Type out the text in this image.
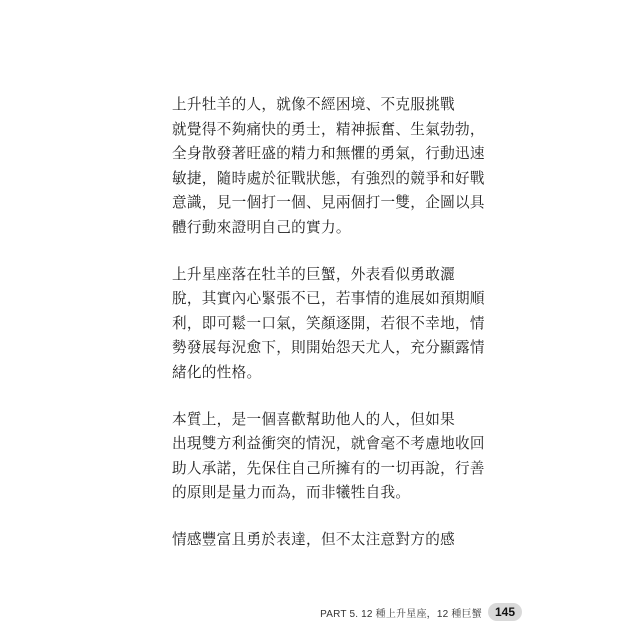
上升牡羊的人，就像不經困境、不克服挑戰
就覺得不夠痛快的勇士，精神振奮、生氣勃勃，
全身散發著旺盛的精力和無懼的勇氣，行動迅速
敏捷，隨時處於征戰狀態，有強烈的競爭和好戰
意識，見一個打一個、見兩個打一雙，企圖以具
體行動來證明自己的實力。

上升星座落在牡羊的巨蟹，外表看似勇敢灑
脫，其實內心緊張不已，若事情的進展如預期順
利，即可鬆一口氣，笑顏逐開，若很不幸地，情
勢發展每況愈下，則開始怨天尤人，充分顯露情
緒化的性格。

本質上，是一個喜歡幫助他人的人，但如果
出現雙方利益衝突的情況，就會毫不考慮地收回
助人承諾，先保住自己所擁有的一切再說，行善
的原則是量力而為，而非犧牲自我。

情感豐富且勇於表達，但不太注意對方的感

PART 5. 12 種上升星座，12 種巨蟹	145
